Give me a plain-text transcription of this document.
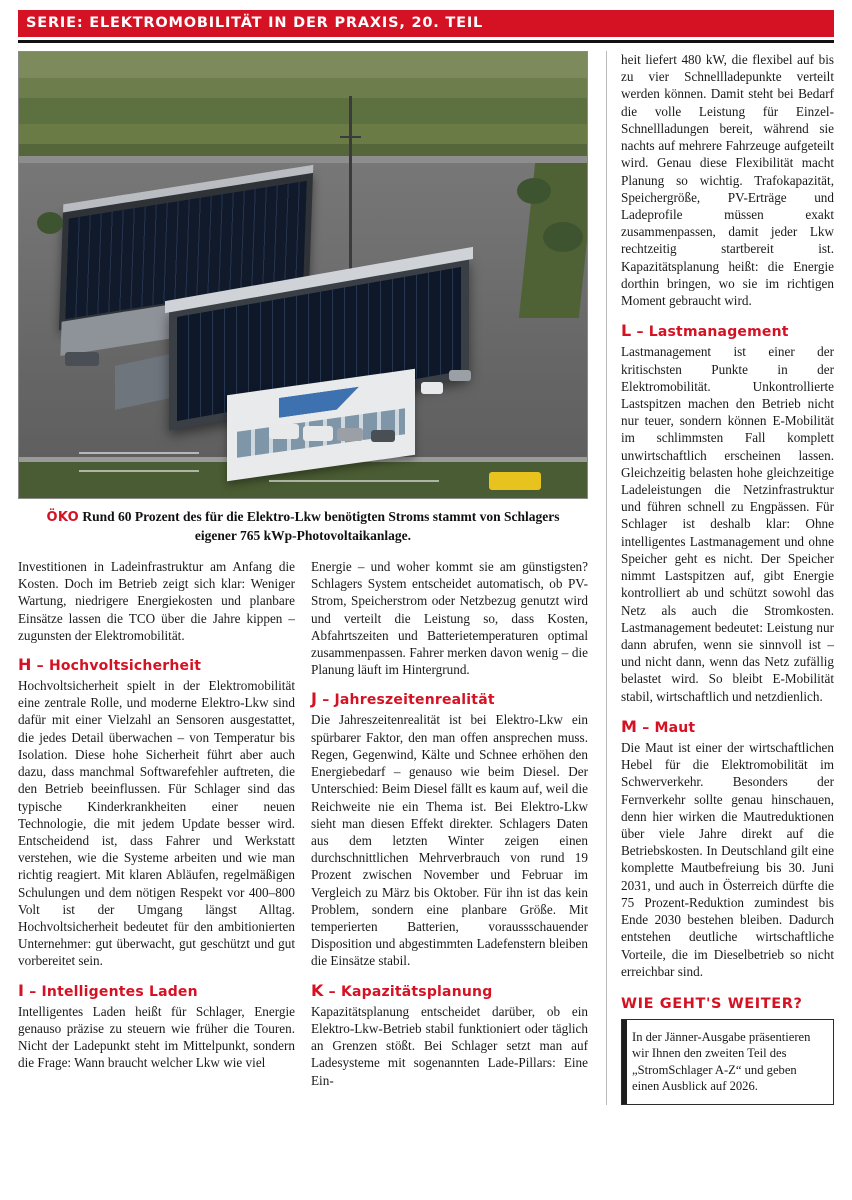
SERIE: ELEKTROMOBILITÄT IN DER PRAXIS, 20. TEIL
ÖKO Rund 60 Prozent des für die Elektro-Lkw benötigten Stroms stammt von Schlagers eigener 765 kWp-Photovoltaikanlage.

Investitionen in Ladeinfrastruktur am Anfang die Kosten. Doch im Betrieb zeigt sich klar: Weniger Wartung, niedrigere Energiekosten und planbare Einsätze lassen die TCO über die Jahre kippen – zugunsten der Elektromobilität.

H – Hochvoltsicherheit

Hochvoltsicherheit spielt in der Elektromobilität eine zentrale Rolle, und moderne Elektro-Lkw sind dafür mit einer Vielzahl an Sensoren ausgestattet, die jedes Detail überwachen – von Temperatur bis Isolation. Diese hohe Sicherheit führt aber auch dazu, dass manchmal Softwarefehler auftreten, die den Betrieb beeinflussen. Für Schlager sind das typische Kinderkrankheiten einer neuen Technologie, die mit jedem Update besser wird. Entscheidend ist, dass Fahrer und Werkstatt verstehen, wie die Systeme arbeiten und wie man richtig reagiert. Mit klaren Abläufen, regelmäßigen Schulungen und dem nötigen Respekt vor 400–800 Volt ist der Umgang längst Alltag. Hochvoltsicherheit bedeutet für den ambitionierten Unternehmer: gut überwacht, gut geschützt und gut vorbereitet sein.

I – Intelligentes Laden

Intelligentes Laden heißt für Schlager, Energie genauso präzise zu steuern wie früher die Touren. Nicht der Ladepunkt steht im Mittelpunkt, sondern die Frage: Wann braucht welcher Lkw wie viel

Energie – und woher kommt sie am günstigsten? Schlagers System entscheidet automatisch, ob PV-Strom, Speicherstrom oder Netzbezug genutzt wird und verteilt die Leistung so, dass Kosten, Abfahrtszeiten und Batterietemperaturen optimal zusammenpassen. Fahrer merken davon wenig – die Planung läuft im Hintergrund.

J – Jahreszeitenrealität

Die Jahreszeitenrealität ist bei Elektro-Lkw ein spürbarer Faktor, den man offen ansprechen muss. Regen, Gegenwind, Kälte und Schnee erhöhen den Energiebedarf – genauso wie beim Diesel. Der Unterschied: Beim Diesel fällt es kaum auf, weil die Reichweite nie ein Thema ist. Bei Elektro-Lkw sieht man diesen Effekt direkter. Schlagers Daten aus dem letzten Winter zeigen einen durchschnittlichen Mehrverbrauch von rund 19 Prozent zwischen November und Februar im Vergleich zu März bis Oktober. Für ihn ist das kein Problem, sondern eine planbare Größe. Mit temperierten Batterien, voraussschauender Disposition und abgestimmten Ladefenstern bleiben die Einsätze stabil.

K – Kapazitätsplanung

Kapazitätsplanung entscheidet darüber, ob ein Elektro-Lkw-Betrieb stabil funktioniert oder täglich an Grenzen stößt. Bei Schlager setzt man auf Ladesysteme mit sogenannten Lade-Pillars: Eine Ein-

heit liefert 480 kW, die flexibel auf bis zu vier Schnellladepunkte verteilt werden können. Damit steht bei Bedarf die volle Leistung für Einzel-Schnellladungen bereit, während sie nachts auf mehrere Fahrzeuge aufgeteilt wird. Genau diese Flexibilität macht Planung so wichtig. Trafokapazität, Speichergröße, PV-Erträge und Ladeprofile müssen exakt zusammenpassen, damit jeder Lkw rechtzeitig startbereit ist. Kapazitätsplanung heißt: die Energie dorthin bringen, wo sie im richtigen Moment gebraucht wird.

L – Lastmanagement

Lastmanagement ist einer der kritischsten Punkte in der Elektromobilität. Unkontrollierte Lastspitzen machen den Betrieb nicht nur teuer, sondern können E-Mobilität im schlimmsten Fall komplett unwirtschaftlich erscheinen lassen. Gleichzeitig belasten hohe gleichzeitige Ladeleistungen die Netzinfrastruktur und führen schnell zu Engpässen. Für Schlager ist deshalb klar: Ohne intelligentes Lastmanagement und ohne Speicher geht es nicht. Der Speicher nimmt Lastspitzen auf, gibt Energie kontrolliert ab und schützt sowohl das Netz als auch die Stromkosten. Lastmanagement bedeutet: Leistung nur dann abrufen, wenn sie sinnvoll ist – und nicht dann, wenn das Netz zufällig belastet wird. So bleibt E-Mobilität stabil, wirtschaftlich und netzdienlich.

M – Maut

Die Maut ist einer der wirtschaftlichen Hebel für die Elektromobilität im Schwerverkehr. Besonders der Fernverkehr sollte genau hinschauen, denn hier wirken die Mautreduktionen über viele Jahre direkt auf die Betriebskosten. In Deutschland gilt eine komplette Mautbefreiung bis 30. Juni 2031, und auch in Österreich dürfte die 75 Prozent-Reduktion zumindest bis Ende 2030 bestehen bleiben. Dadurch entstehen deutliche wirtschaftliche Vorteile, die im Dieselbetrieb so nicht erreichbar sind.

WIE GEHT'S WEITER?

In der Jänner-Ausgabe präsentieren wir Ihnen den zweiten Teil des „StromSchlager A-Z“ und geben einen Ausblick auf 2026.
